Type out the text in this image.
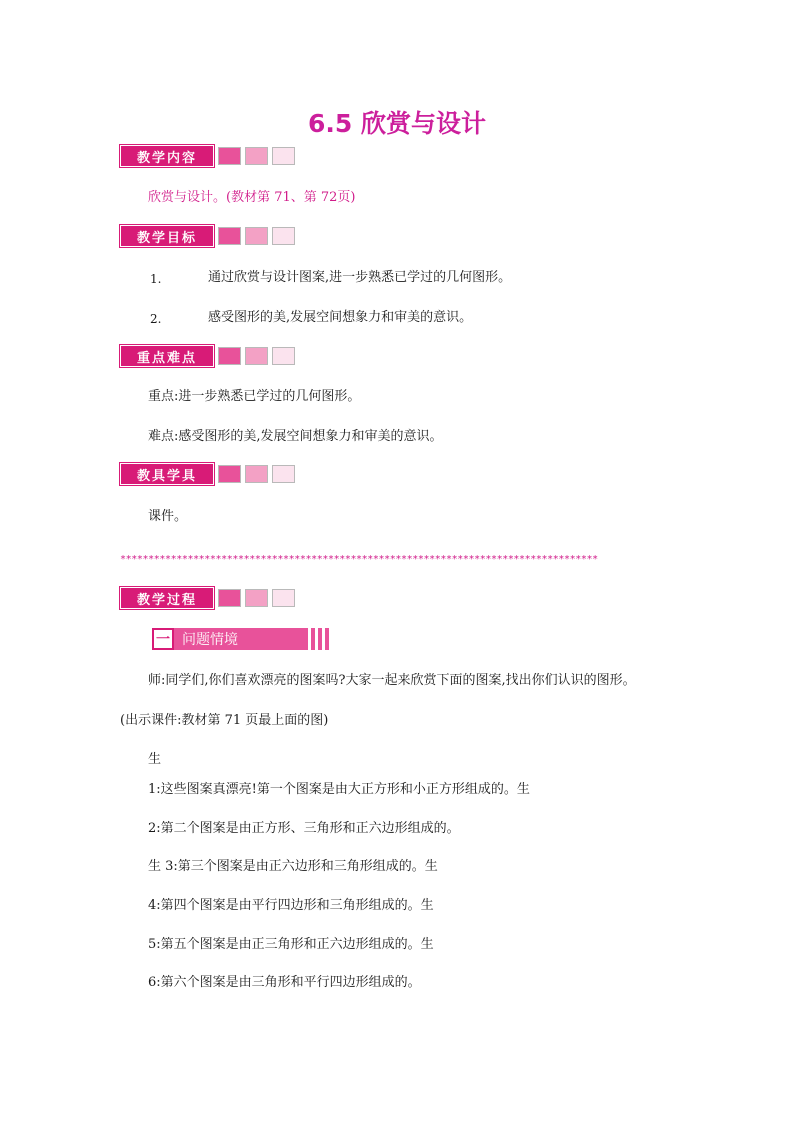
6.5 欣赏与设计
教学内容
欣赏与设计。(教材第 71、第 72页)
教学目标
1.	通过欣赏与设计图案,进一步熟悉已学过的几何图形。
2.	感受图形的美,发展空间想象力和审美的意识。
重点难点
重点:进一步熟悉已学过的几何图形。
难点:感受图形的美,发展空间想象力和审美的意识。
教具学具
课件。
*************************************************************************************
教学过程
一 问题情境
师:同学们,你们喜欢漂亮的图案吗?大家一起来欣赏下面的图案,找出你们认识的图形。
(出示课件:教材第 71 页最上面的图)
生
1:这些图案真漂亮!第一个图案是由大正方形和小正方形组成的。生
2:第二个图案是由正方形、三角形和正六边形组成的。
生 3:第三个图案是由正六边形和三角形组成的。生
4:第四个图案是由平行四边形和三角形组成的。生
5:第五个图案是由正三角形和正六边形组成的。生
6:第六个图案是由三角形和平行四边形组成的。
